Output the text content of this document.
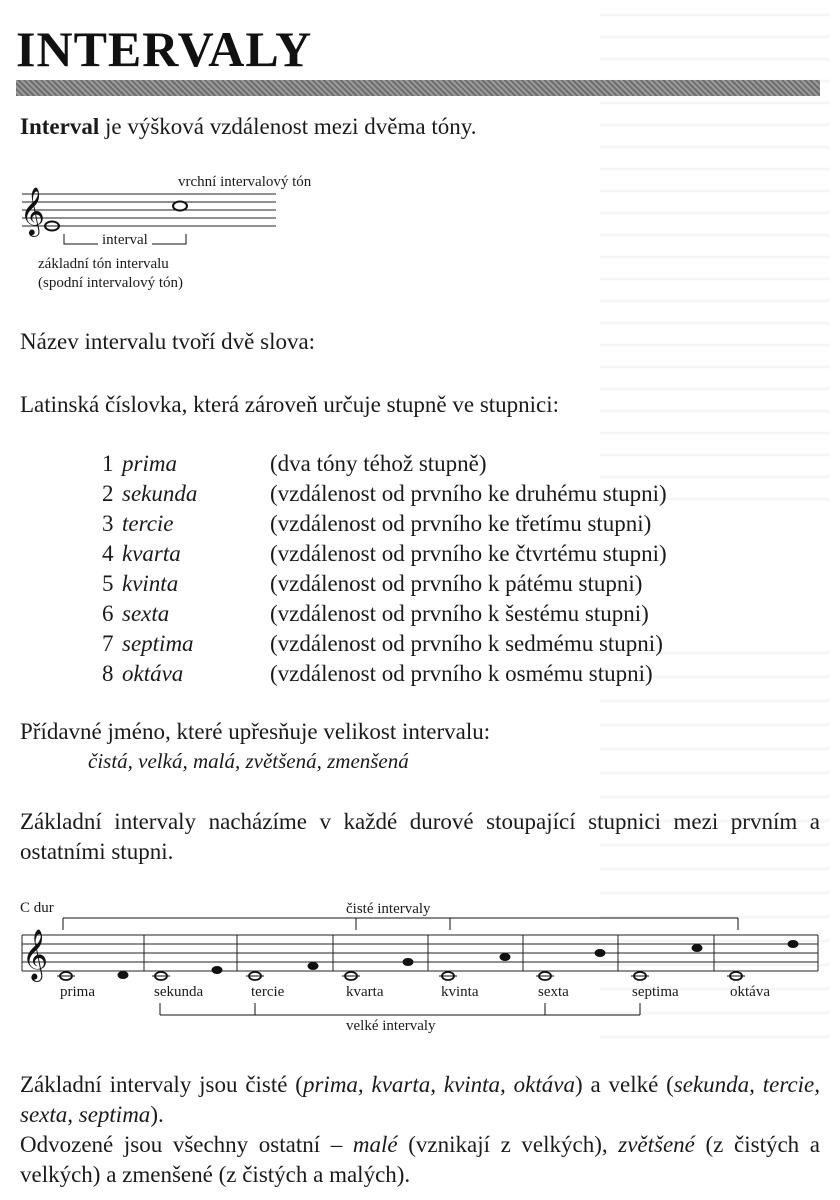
INTERVALY

Interval je výšková vzdálenost mezi dvěma tóny.

𝄞
vrchní intervalový tón
interval
základní tón intervalu
(spodní intervalový tón)

Název intervalu tvoří dvě slova:

Latinská číslovka, která zároveň určuje stupně ve stupnici:

1 prima	(dva tóny téhož stupně)
2 sekunda	(vzdálenost od prvního ke druhému stupni)
3 tercie	(vzdálenost od prvního ke třetímu stupni)
4 kvarta	(vzdálenost od prvního ke čtvrtému stupni)
5 kvinta	(vzdálenost od prvního k pátému stupni)
6 sexta	(vzdálenost od prvního k šestému stupni)
7 septima	(vzdálenost od prvního k sedmému stupni)
8 oktáva	(vzdálenost od prvního k osmému stupni)

Přídavné jméno, které upřesňuje velikost intervalu:

čistá, velká, malá, zvětšená, zmenšená

Základní intervaly nacházíme v každé durové stoupající stupnici mezi prvním a ostatními stupni.

C dur	čisté intervaly
𝄞
prima	sekunda	tercie	kvarta	kvinta	sexta	septima	oktáva
velké intervaly

Základní intervaly jsou čisté (prima, kvarta, kvinta, oktáva) a velké (sekunda, tercie, sexta, septima).

Odvozené jsou všechny ostatní – malé (vznikají z velkých), zvětšené (z čistých a velkých) a zmenšené (z čistých a malých).
